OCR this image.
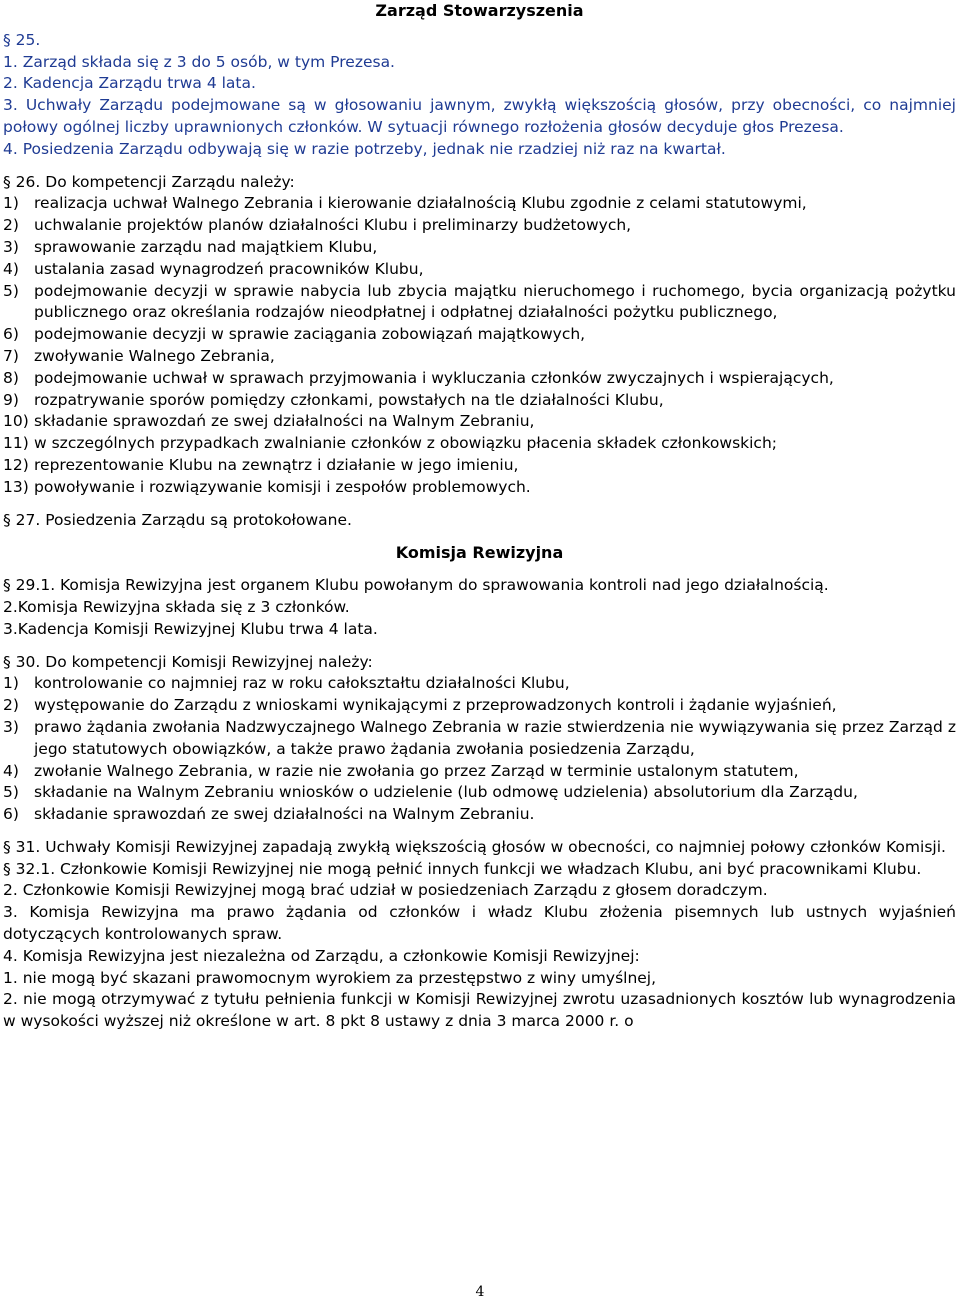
Zarząd Stowarzyszenia

§ 25.

1. Zarząd składa się z 3 do 5 osób, w tym Prezesa.

2. Kadencja Zarządu trwa 4 lata.

3. Uchwały Zarządu podejmowane są w głosowaniu jawnym, zwykłą większością głosów, przy obecności, co najmniej połowy ogólnej liczby uprawnionych członków. W sytuacji równego rozłożenia głosów decyduje głos Prezesa.

4. Posiedzenia Zarządu odbywają się w razie potrzeby, jednak nie rzadziej niż raz na kwartał.

§ 26. Do kompetencji Zarządu należy:

1) realizacja uchwał Walnego Zebrania i kierowanie działalnością Klubu zgodnie z celami statutowymi,
2) uchwalanie projektów planów działalności Klubu i preliminarzy budżetowych,
3) sprawowanie zarządu nad majątkiem Klubu,
4) ustalania zasad wynagrodzeń pracowników Klubu,
5) podejmowanie decyzji w sprawie nabycia lub zbycia majątku nieruchomego i ruchomego, bycia organizacją pożytku publicznego oraz określania rodzajów nieodpłatnej i odpłatnej działalności pożytku publicznego,
6) podejmowanie decyzji w sprawie zaciągania zobowiązań majątkowych,
7) zwoływanie Walnego Zebrania,
8) podejmowanie uchwał w sprawach przyjmowania i wykluczania członków zwyczajnych i wspierających,
9) rozpatrywanie sporów pomiędzy członkami, powstałych na tle działalności Klubu,
10) składanie sprawozdań ze swej działalności na Walnym Zebraniu,
11) w szczególnych przypadkach zwalnianie członków z obowiązku płacenia składek członkowskich;
12) reprezentowanie Klubu na zewnątrz i działanie w jego imieniu,
13) powoływanie i rozwiązywanie komisji i zespołów problemowych.

§ 27. Posiedzenia Zarządu są protokołowane.

Komisja Rewizyjna

§ 29.1. Komisja Rewizyjna jest organem Klubu powołanym do sprawowania kontroli nad jego działalnością.

2.Komisja Rewizyjna składa się z 3 członków.

3.Kadencja Komisji Rewizyjnej Klubu trwa 4 lata.

§ 30. Do kompetencji Komisji Rewizyjnej należy:

1) kontrolowanie co najmniej raz w roku całokształtu działalności Klubu,
2) występowanie do Zarządu z wnioskami wynikającymi z przeprowadzonych kontroli i żądanie wyjaśnień,
3) prawo żądania zwołania Nadzwyczajnego Walnego Zebrania w razie stwierdzenia nie wywiązywania się przez Zarząd z jego statutowych obowiązków, a także prawo żądania zwołania posiedzenia Zarządu,
4) zwołanie Walnego Zebrania, w razie nie zwołania go przez Zarząd w terminie ustalonym statutem,
5) składanie na Walnym Zebraniu wniosków o udzielenie (lub odmowę udzielenia) absolutorium dla Zarządu,
6) składanie sprawozdań ze swej działalności na Walnym Zebraniu.

§ 31. Uchwały Komisji Rewizyjnej zapadają zwykłą większością głosów w obecności, co najmniej połowy członków Komisji.

§ 32.1. Członkowie Komisji Rewizyjnej nie mogą pełnić innych funkcji we władzach Klubu, ani być pracownikami Klubu.

2. Członkowie Komisji Rewizyjnej mogą brać udział w posiedzeniach Zarządu z głosem doradczym.

3. Komisja Rewizyjna ma prawo żądania od członków i władz Klubu złożenia pisemnych lub ustnych wyjaśnień dotyczących kontrolowanych spraw.

4. Komisja Rewizyjna jest niezależna od Zarządu, a członkowie Komisji Rewizyjnej:

1. nie mogą być skazani prawomocnym wyrokiem za przestępstwo z winy umyślnej,

2. nie mogą otrzymywać z tytułu pełnienia funkcji w Komisji Rewizyjnej zwrotu uzasadnionych kosztów lub wynagrodzenia w wysokości wyższej niż określone w art. 8 pkt 8 ustawy z dnia 3 marca 2000 r. o

4
